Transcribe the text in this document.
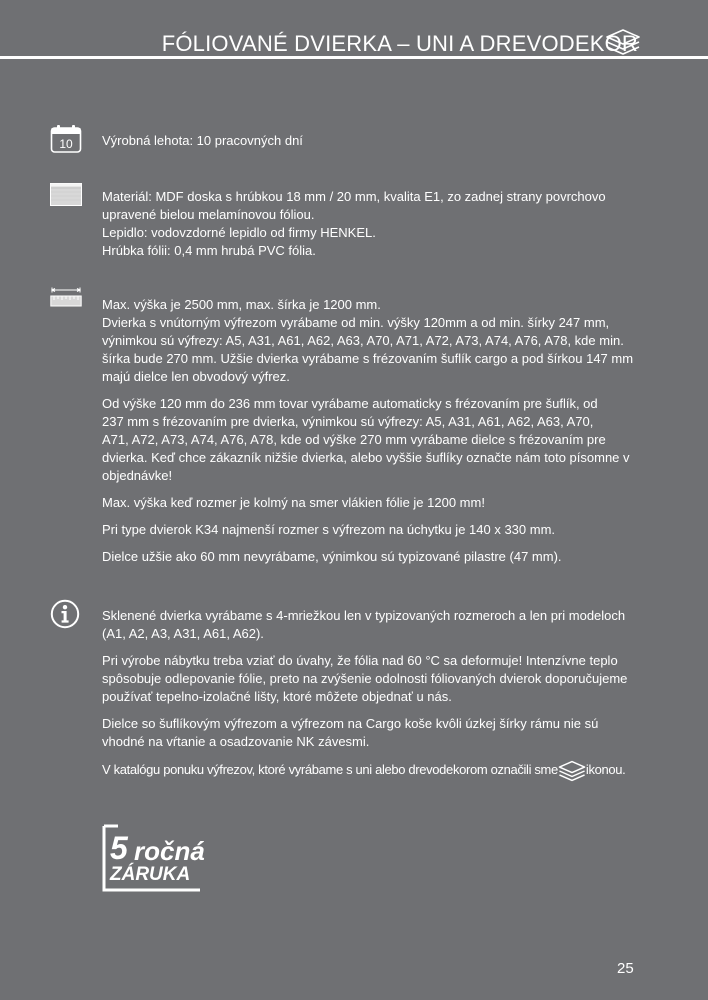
FÓLIOVANÉ DVIERKA – UNI A DREVODEKOR
10 Výrobná lehota: 10 pracovných dní

Materiál: MDF doska s hrúbkou 18 mm / 20 mm, kvalita E1, zo zadnej strany povrchovo

upravené bielou melamínovou fóliou.

Lepidlo: vodovzdorné lepidlo od firmy HENKEL.

Hrúbka fólii: 0,4 mm hrubá PVC fólia.

Max. výška je 2500 mm, max. šírka je 1200 mm.
Dvierka s vnútorným výfrezom vyrábame od min. výšky 120mm a od min. šírky 247 mm,
výnimkou sú výfrezy: A5, A31, A61, A62, A63, A70, A71, A72, A73, A74, A76, A78, kde min.
šírka bude 270 mm. Užšie dvierka vyrábame s frézovaním šuflík cargo a pod šírkou 147 mm
majú dielce len obvodový výfrez.

Od výške 120 mm do 236 mm tovar vyrábame automaticky s frézovaním pre šuflík, od
237 mm s frézovaním pre dvierka, výnimkou sú výfrezy: A5, A31, A61, A62, A63, A70,
A71, A72, A73, A74, A76, A78, kde od výške 270 mm vyrábame dielce s frézovaním pre
dvierka. Keď chce zákazník nižšie dvierka, alebo vyššie šuflíky označte nám toto písomne v
objednávke!

Max. výška keď rozmer je kolmý na smer vlákien fólie je 1200 mm!

Pri type dvierok K34 najmenší rozmer s výfrezom na úchytku je 140 x 330 mm.

Dielce užšie ako 60 mm nevyrábame, výnimkou sú typizované pilastre (47 mm).

Sklenené dvierka vyrábame s 4-mriežkou len v typizovaných rozmeroch a len pri modeloch
(A1, A2, A3, A31, A61, A62).

Pri výrobe nábytku treba vziať do úvahy, že fólia nad 60 °C sa deformuje! Intenzívne teplo
spôsobuje odlepovanie fólie, preto na zvýšenie odolnosti fóliovaných dvierok doporučujeme
používať tepelno-izolačné lišty, ktoré môžete objednať u nás.

Dielce so šuflíkovým výfrezom a výfrezom na Cargo koše kvôli úzkej šírky rámu nie sú
vhodné na vŕtanie a osadzovanie NK závesmi.

V katalógu ponuku výfrezov, ktoré vyrábame s uni alebo drevodekorom označili sme ikonou.

5 ročná
ZÁRUKA
25
